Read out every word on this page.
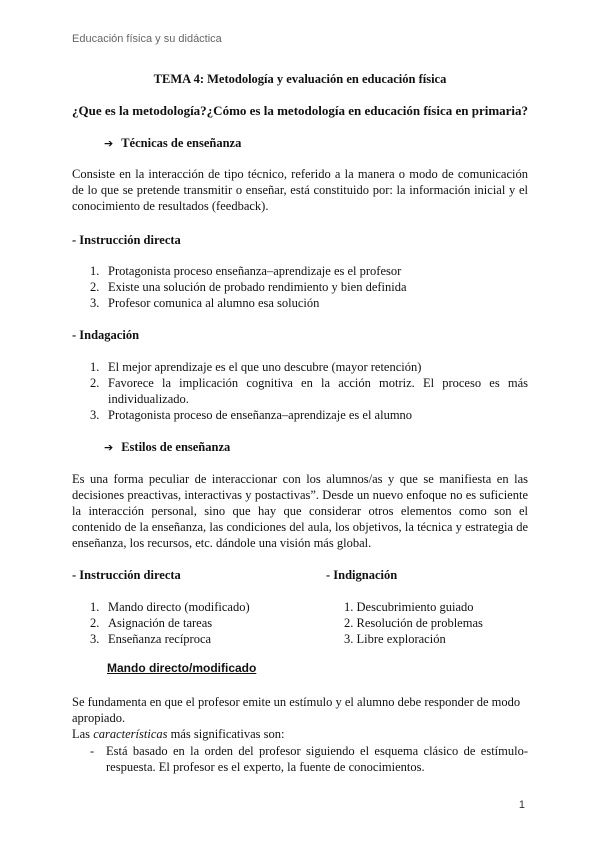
Educación física y su didáctica
TEMA 4: Metodología y evaluación en educación física
¿Que es la metodología?¿Cómo es la metodología en educación física en primaria?
➔ Técnicas de enseñanza
Consiste en la interacción de tipo técnico, referido a la manera o modo de comunicación de lo que se pretende transmitir o enseñar, está constituido por: la información inicial y el conocimiento de resultados (feedback).
- Instrucción directa
1. Protagonista proceso enseñanza–aprendizaje es el profesor
2. Existe una solución de probado rendimiento y bien definida
3. Profesor comunica al alumno esa solución
- Indagación
1. El mejor aprendizaje es el que uno descubre (mayor retención)
2. Favorece la implicación cognitiva en la acción motriz. El proceso es más individualizado.
3. Protagonista proceso de enseñanza–aprendizaje es el alumno
➔ Estilos de enseñanza
Es una forma peculiar de interaccionar con los alumnos/as y que se manifiesta en las decisiones preactivas, interactivas y postactivas”. Desde un nuevo enfoque no es suficiente la interacción personal, sino que hay que considerar otros elementos como son el contenido de la enseñanza, las condiciones del aula, los objetivos, la técnica y estrategia de enseñanza, los recursos, etc. dándole una visión más global.
- Instrucción directa	- Indignación
1. Mando directo (modificado)
2. Asignación de tareas
3. Enseñanza recíproca
1. Descubrimiento guiado
2. Resolución de problemas
3. Libre exploración
Mando directo/modificado
Se fundamenta en que el profesor emite un estímulo y el alumno debe responder de modo apropiado.
Las características más significativas son:
- Está basado en la orden del profesor siguiendo el esquema clásico de estímulo-respuesta. El profesor es el experto, la fuente de conocimientos.
1
